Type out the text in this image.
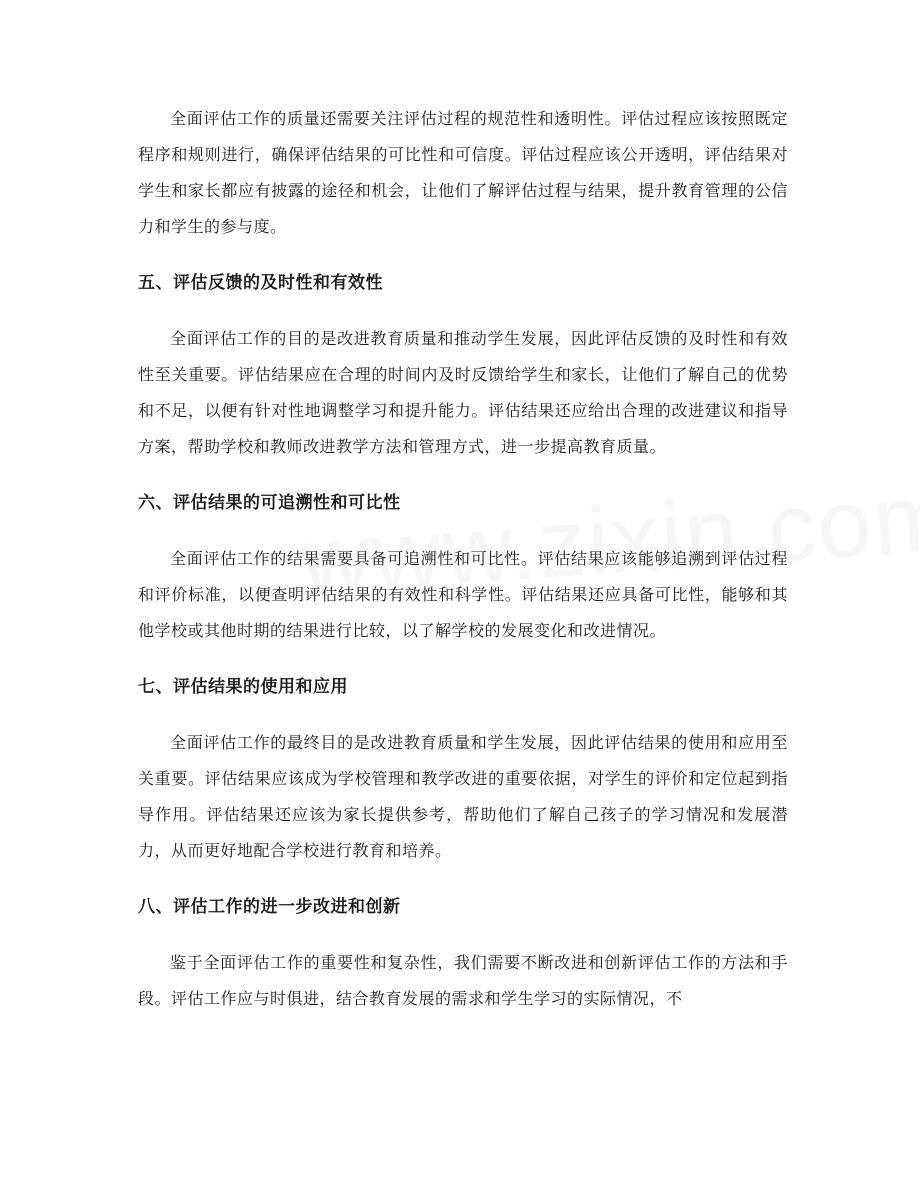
全面评估工作的质量还需要关注评估过程的规范性和透明性。评估过程应该按照既定程序和规则进行，确保评估结果的可比性和可信度。评估过程应该公开透明，评估结果对学生和家长都应有披露的途径和机会，让他们了解评估过程与结果，提升教育管理的公信力和学生的参与度。

五、评估反馈的及时性和有效性

全面评估工作的目的是改进教育质量和推动学生发展，因此评估反馈的及时性和有效性至关重要。评估结果应在合理的时间内及时反馈给学生和家长，让他们了解自己的优势和不足，以便有针对性地调整学习和提升能力。评估结果还应给出合理的改进建议和指导方案，帮助学校和教师改进教学方法和管理方式，进一步提高教育质量。

六、评估结果的可追溯性和可比性

全面评估工作的结果需要具备可追溯性和可比性。评估结果应该能够追溯到评估过程和评价标准，以便查明评估结果的有效性和科学性。评估结果还应具备可比性，能够和其他学校或其他时期的结果进行比较，以了解学校的发展变化和改进情况。

七、评估结果的使用和应用

全面评估工作的最终目的是改进教育质量和学生发展，因此评估结果的使用和应用至关重要。评估结果应该成为学校管理和教学改进的重要依据，对学生的评价和定位起到指导作用。评估结果还应该为家长提供参考，帮助他们了解自己孩子的学习情况和发展潜力，从而更好地配合学校进行教育和培养。

八、评估工作的进一步改进和创新

鉴于全面评估工作的重要性和复杂性，我们需要不断改进和创新评估工作的方法和手段。评估工作应与时俱进，结合教育发展的需求和学生学习的实际情况，不
